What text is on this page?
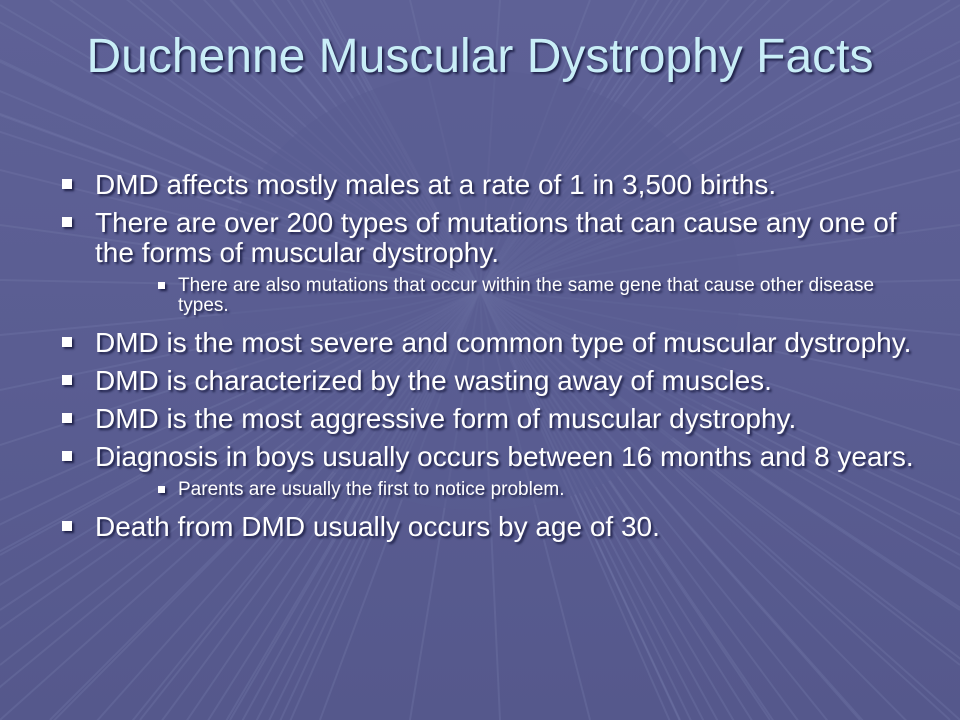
Duchenne Muscular Dystrophy Facts
DMD affects mostly males at a rate of 1 in 3,500 births.
There are over 200 types of mutations that can cause any one of the forms of muscular dystrophy.
There are also mutations that occur within the same gene that cause other disease types.
DMD is the most severe and common type of muscular dystrophy.
DMD is characterized by the wasting away of muscles.
DMD is the most aggressive form of muscular dystrophy.
Diagnosis in boys usually occurs between 16 months and 8 years.
Parents are usually the first to notice problem.
Death from DMD usually occurs by age of 30.
